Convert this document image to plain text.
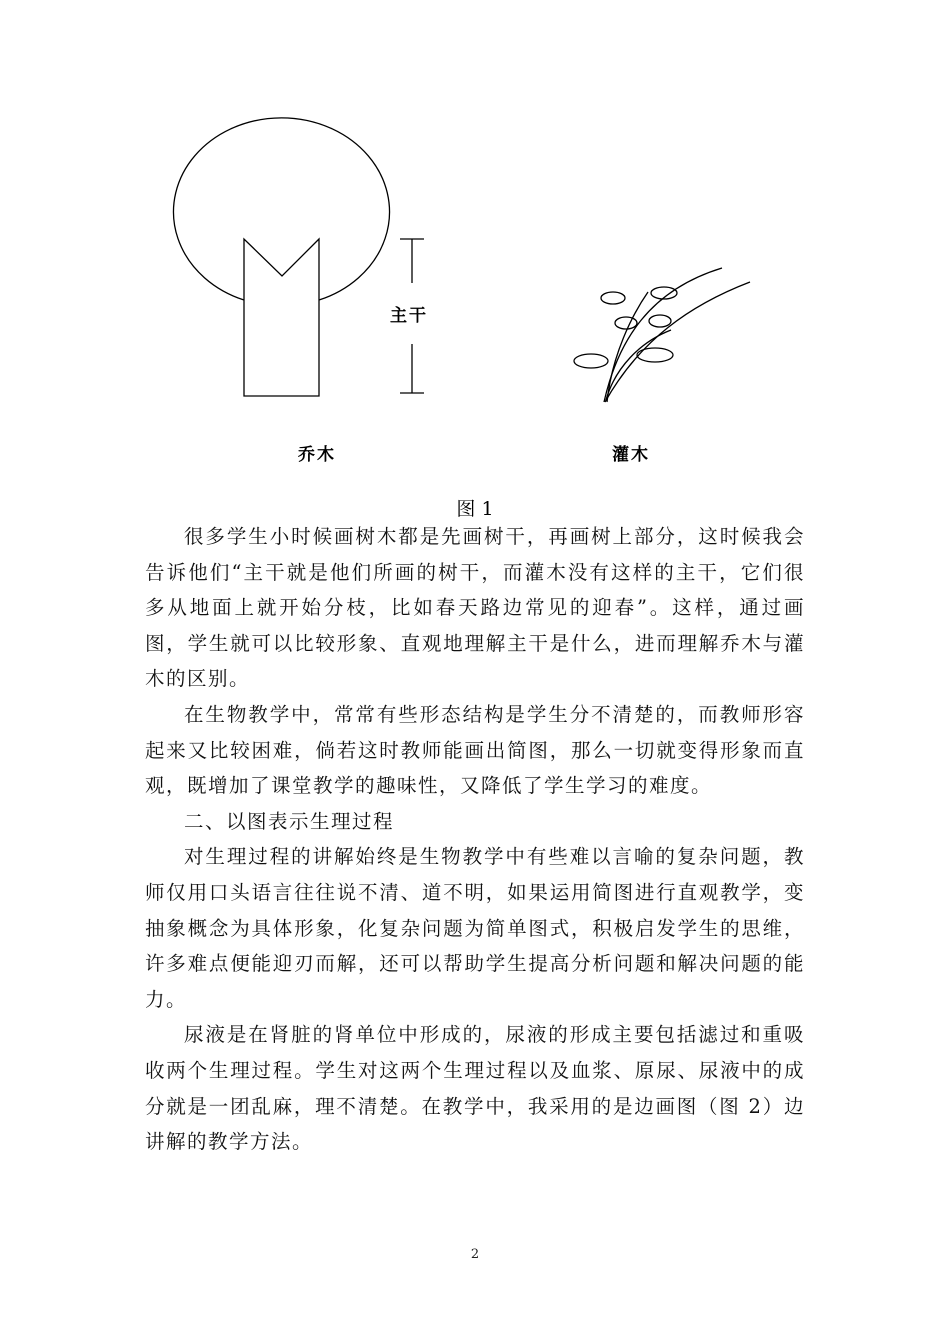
主干
乔木	灌木
图 1

很多学生小时候画树木都是先画树干，再画树上部分，这时候我会告诉他们“主干就是他们所画的树干，而灌木没有这样的主干，它们很多从地面上就开始分枝，比如春天路边常见的迎春”。这样，通过画图，学生就可以比较形象、直观地理解主干是什么，进而理解乔木与灌木的区别。

在生物教学中，常常有些形态结构是学生分不清楚的，而教师形容起来又比较困难，倘若这时教师能画出简图，那么一切就变得形象而直观，既增加了课堂教学的趣味性，又降低了学生学习的难度。

二、以图表示生理过程

对生理过程的讲解始终是生物教学中有些难以言喻的复杂问题，教师仅用口头语言往往说不清、道不明，如果运用简图进行直观教学，变抽象概念为具体形象，化复杂问题为简单图式，积极启发学生的思维，许多难点便能迎刃而解，还可以帮助学生提高分析问题和解决问题的能力。

尿液是在肾脏的肾单位中形成的，尿液的形成主要包括滤过和重吸收两个生理过程。学生对这两个生理过程以及血浆、原尿、尿液中的成分就是一团乱麻，理不清楚。在教学中，我采用的是边画图（图 2）边讲解的教学方法。

2
